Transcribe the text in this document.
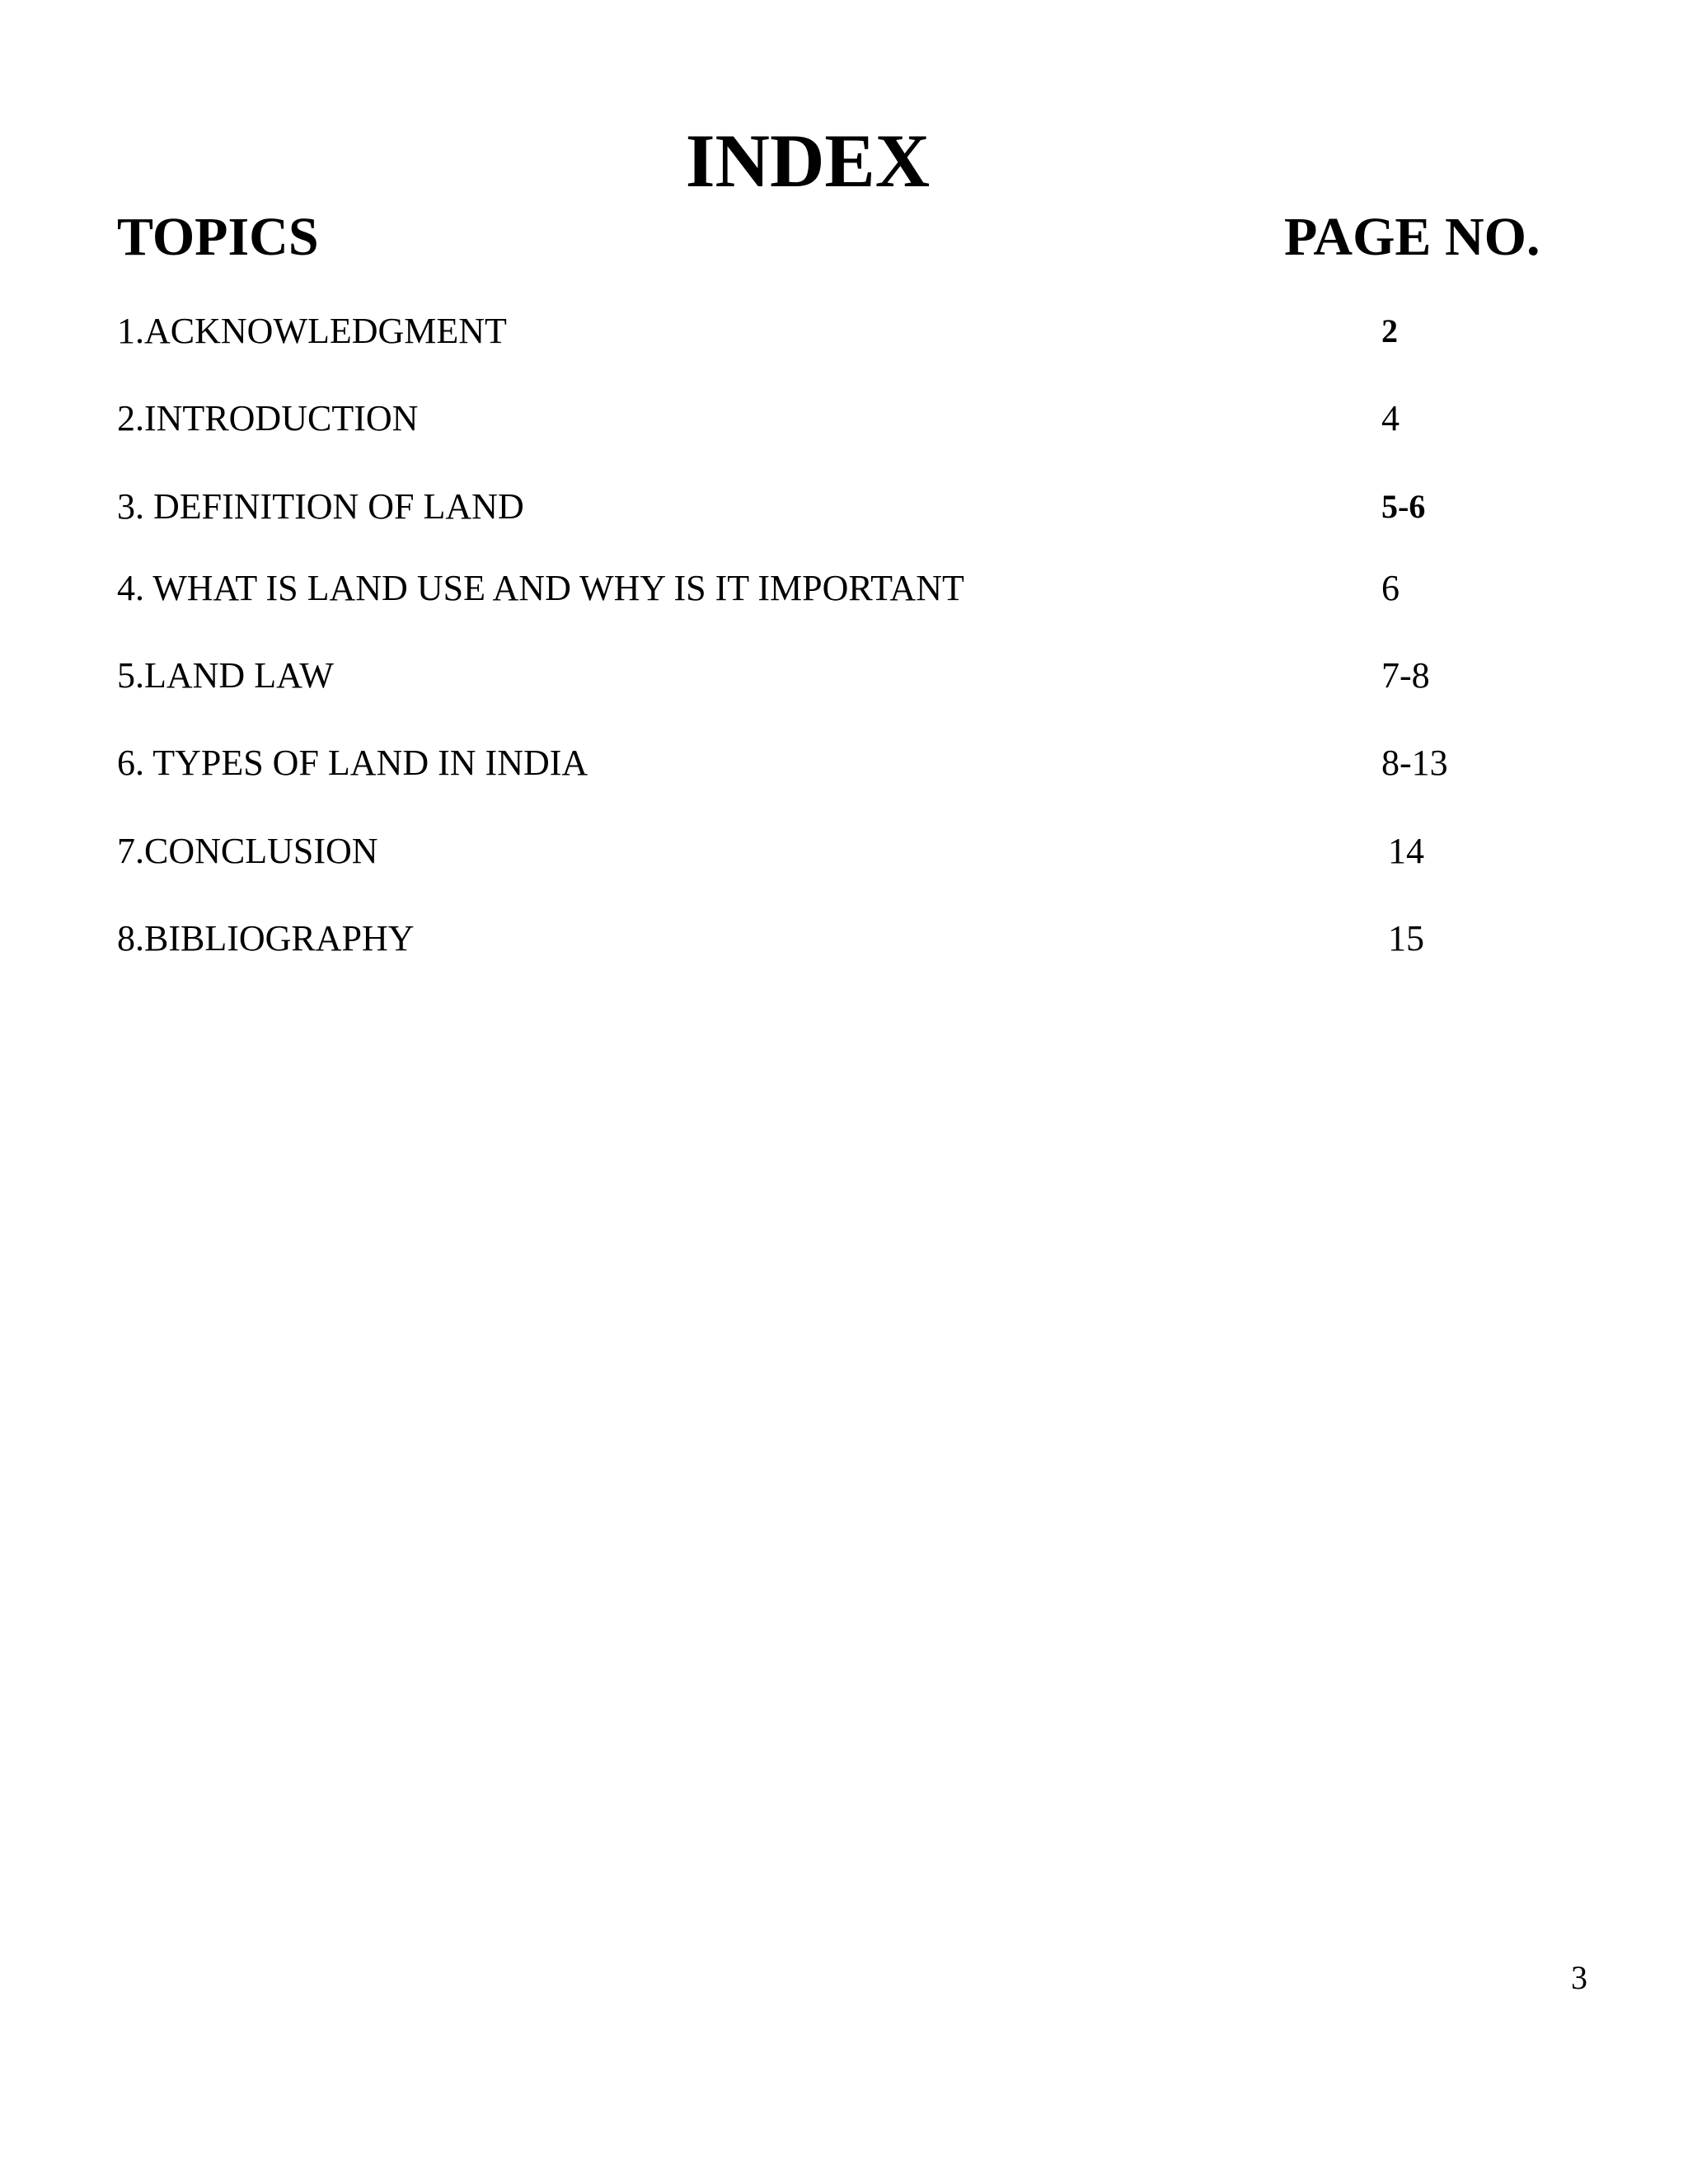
INDEX
TOPICS	PAGE NO.
1.ACKNOWLEDGMENT	2
2.INTRODUCTION	4
3. DEFINITION OF LAND	5-6
4. WHAT IS LAND USE AND WHY IS IT IMPORTANT	6
5.LAND LAW	7-8
6. TYPES OF LAND IN INDIA	8-13
7.CONCLUSION	14
8.BIBLIOGRAPHY	15
3
